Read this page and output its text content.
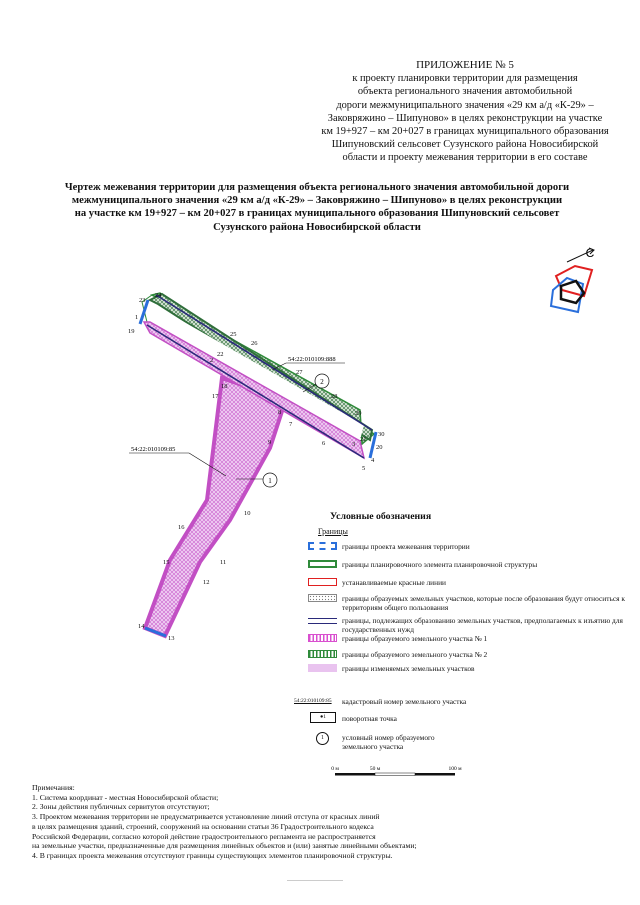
ПРИЛОЖЕНИЕ № 5
к проекту планировки территории для размещения
объекта регионального значения автомобильной
дороги межмуниципального значения «29 км а/д «К-29» –
Заковряжино – Шипуново» в целях реконструкции на участке
км 19+927 – км 20+027 в границах муниципального образования
Шипуновский сельсовет Сузунского района Новосибирской
области и проекту межевания территории в его составе
Чертеж межевания территории для размещения объекта регионального значения автомобильной дороги
межмуниципального значения «29 км а/д «К-29» – Заковряжино – Шипуново» в целях реконструкции
на участке км 19+927 – км 20+027 в границах муниципального образования Шипуновский сельсовет
Сузунского района Новосибирской области
С
54:22:010109:888
54:22:010109:85
1
2
1
2
3
4
5
6
7
8
9
10
11
12
13
14
15
16
17
18
19
20
21
22
23
24
25
26
27
28
29
30
0 м	50 м	100 м
Условные обозначения
Границы
границы проекта межевания территории
границы планировочного элемента планировочной структуры
устанавливаемые красные линии
границы образуемых земельных участков, которые после образования будут относиться к территориям общего пользования
границы, подлежащих образованию земельных участков, предполагаемых к изъятию для государственных нужд
границы образуемого земельного участка № 1
границы образуемого земельного участка № 2
границы изменяемых земельных участков
54:22:010109:85	кадастровый номер земельного участка
●1	поворотная точка
1	условный номер образуемого земельного участка
Примечания:
1. Система координат - местная Новосибирской области;
2. Зоны действия публичных сервитутов отсутствуют;
3. Проектом межевания территории не предусматривается установление линий отступа от красных линий
в целях размещения зданий, строений, сооружений на основании статьи 36 Градостроительного кодекса
Российской Федерации, согласно которой действие градостроительного регламента не распространяется
на земельные участки, предназначенные для размещения линейных объектов и (или) занятые линейными объектами;
4. В границах проекта межевания отсутствуют границы существующих элементов планировочной структуры.
